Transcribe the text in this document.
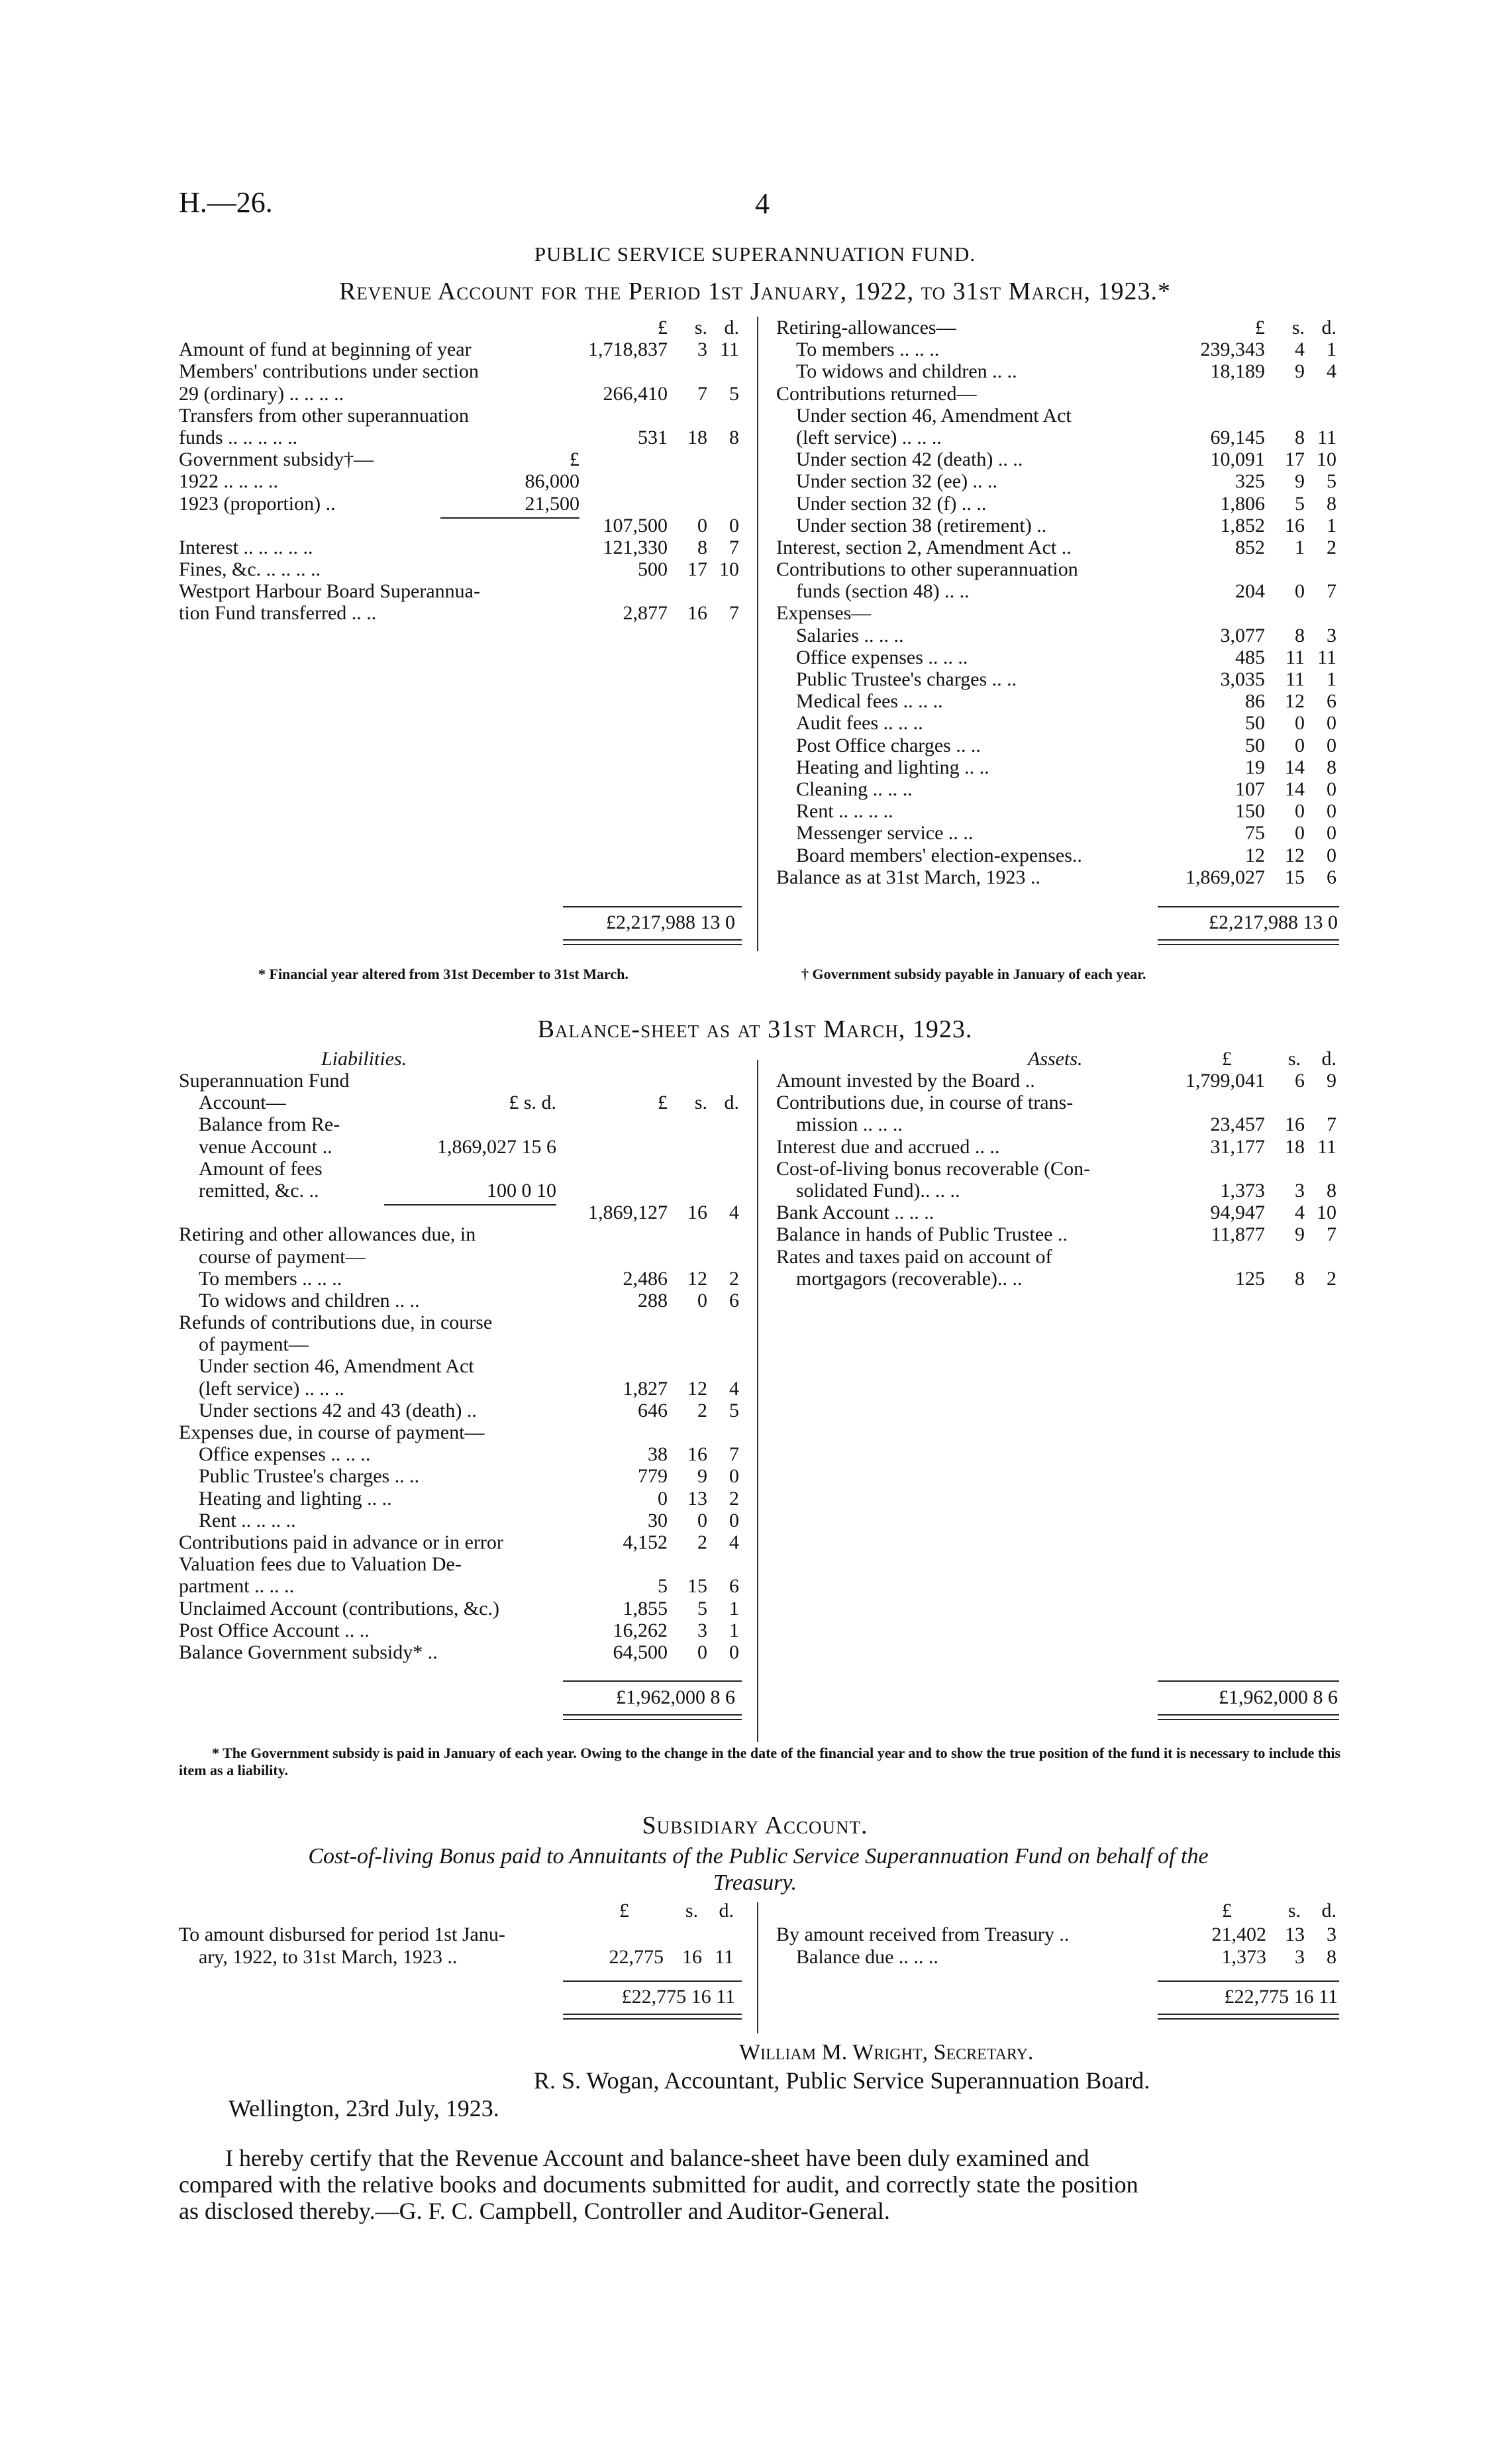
H.—26.	4
PUBLIC SERVICE SUPERANNUATION FUND.
Revenue Account for the Period 1st January, 1922, to 31st March, 1923.*
£ s. d.
Amount of fund at beginning of year	1,718,837 3 11
Members' contributions under section
29 (ordinary) .. .. .. ..	266,410 7 5
Transfers from other superannuation
funds .. .. .. .. ..	531 18 8
Government subsidy†—	£
1922 .. .. .. ..	86,000
1923 (proportion) ..	21,500
107,500 0 0
Interest .. .. .. .. ..	121,330 8 7
Fines, &c. .. .. .. ..	500 17 10
Westport Harbour Board Superannua-
tion Fund transferred .. ..	2,877 16 7
Retiring-allowances—	£ s. d.
To members .. .. ..	239,343 4 1
To widows and children .. ..	18,189 9 4
Contributions returned—
Under section 46, Amendment Act
(left service) .. .. ..	69,145 8 11
Under section 42 (death) .. ..	10,091 17 10
Under section 32 (ee) .. ..	325 9 5
Under section 32 (f) .. ..	1,806 5 8
Under section 38 (retirement) ..	1,852 16 1
Interest, section 2, Amendment Act ..	852 1 2
Contributions to other superannuation
funds (section 48) .. ..	204 0 7
Expenses—
Salaries .. .. ..	3,077 8 3
Office expenses .. .. ..	485 11 11
Public Trustee's charges .. ..	3,035 11 1
Medical fees .. .. ..	86 12 6
Audit fees .. .. ..	50 0 0
Post Office charges .. ..	50 0 0
Heating and lighting .. ..	19 14 8
Cleaning .. .. ..	107 14 0
Rent .. .. .. ..	150 0 0
Messenger service .. ..	75 0 0
Board members' election-expenses..	12 12 0
Balance as at 31st March, 1923 ..	1,869,027 15 6
£2,217,988 13 0	£2,217,988 13 0
* Financial year altered from 31st December to 31st March.	† Government subsidy payable in January of each year.
Balance-sheet as at 31st March, 1923.
Liabilities.	Assets.	£	s. d.
Superannuation Fund
Account—	£ s. d.	£ s. d.
Balance from Re-
venue Account ..	1,869,027 15 6
Amount of fees
remitted, &c. ..	100 0 10
1,869,127 16 4
Retiring and other allowances due, in
course of payment—
To members .. .. ..	2,486 12 2
To widows and children .. ..	288 0 6
Refunds of contributions due, in course
of payment—
Under section 46, Amendment Act
(left service) .. .. ..	1,827 12 4
Under sections 42 and 43 (death) ..	646 2 5
Expenses due, in course of payment—
Office expenses .. .. ..	38 16 7
Public Trustee's charges .. ..	779 9 0
Heating and lighting .. ..	0 13 2
Rent .. .. .. ..	30 0 0
Contributions paid in advance or in error	4,152 2 4
Valuation fees due to Valuation De-
partment .. .. ..	5 15 6
Unclaimed Account (contributions, &c.)	1,855 5 1
Post Office Account .. ..	16,262 3 1
Balance Government subsidy* ..	64,500 0 0
Amount invested by the Board ..	1,799,041 6 9
Contributions due, in course of trans-
mission .. .. ..	23,457 16 7
Interest due and accrued .. ..	31,177 18 11
Cost-of-living bonus recoverable (Con-
solidated Fund).. .. ..	1,373 3 8
Bank Account .. .. ..	94,947 4 10
Balance in hands of Public Trustee ..	11,877 9 7
Rates and taxes paid on account of
mortgagors (recoverable).. ..	125 8 2
£1,962,000 8 6	£1,962,000 8 6
* The Government subsidy is paid in January of each year. Owing to the change in the date of the financial year and to show the true position of the fund it is necessary to include this item as a liability.
Subsidiary Account.
Cost-of-living Bonus paid to Annuitants of the Public Service Superannuation Fund on behalf of the
Treasury.
£	s. d.	£	s. d.
To amount disbursed for period 1st Janu-
ary, 1922, to 31st March, 1923 ..	22,775 16 11
By amount received from Treasury ..	21,402 13 3
Balance due .. .. ..	1,373 3 8
£22,775 16 11	£22,775 16 11
William M. Wright, Secretary.
R. S. Wogan, Accountant, Public Service Superannuation Board.
Wellington, 23rd July, 1923.
I hereby certify that the Revenue Account and balance-sheet have been duly examined and
compared with the relative books and documents submitted for audit, and correctly state the position
as disclosed thereby.—G. F. C. Campbell, Controller and Auditor-General.
